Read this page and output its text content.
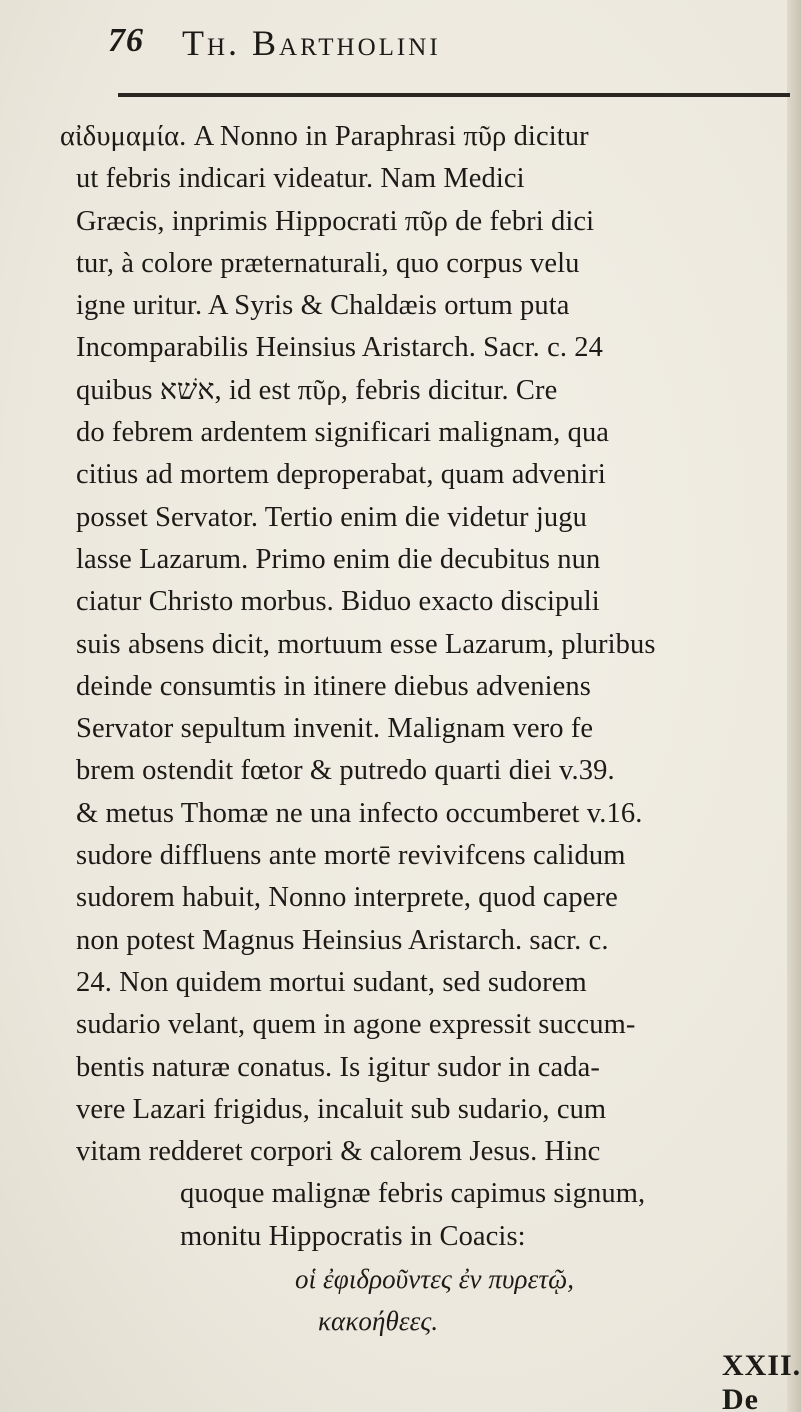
76 Th. Bartholini
αἰδυμαμία. A Nonno in Paraphrasi πῦρ dicitur
ut febris indicari videatur. Nam Medici
Græcis, inprimis Hippocrati πῦρ de febri dici
tur, à colore præternaturali, quo corpus velu
igne uritur. A Syris & Chaldæis ortum puta
Incomparabilis Heinsius Aristarch. Sacr. c. 24
quibus אשׁא, id est πῦρ, febris dicitur. Cre
do febrem ardentem significari malignam, qua
citius ad mortem deproperabat, quam adveniri
posset Servator. Tertio enim die videtur jugu
lasse Lazarum. Primo enim die decubitus nun
ciatur Christo morbus. Biduo exacto discipuli
suis absens dicit, mortuum esse Lazarum, pluribus
deinde consumtis in itinere diebus adveniens
Servator sepultum invenit. Malignam vero fe
brem ostendit fœtor & putredo quarti diei v.39.
& metus Thomæ ne una infecto occumberet v.16.
sudore diffluens ante mortē revivifcens calidum
sudorem habuit, Nonno interprete, quod capere
non potest Magnus Heinsius Aristarch. sacr. c.
24. Non quidem mortui sudant, sed sudorem
sudario velant, quem in agone expressit succum-
bentis naturæ conatus. Is igitur sudor in cada-
vere Lazari frigidus, incaluit sub sudario, cum
vitam redderet corpori & calorem Jesus. Hinc
quoque malignæ febris capimus signum,
monitu Hippocratis in Coacis:
οἱ ἐφιδροῦντες ἐν πυρετῷ,
κακοήθεες.
XXII. De
